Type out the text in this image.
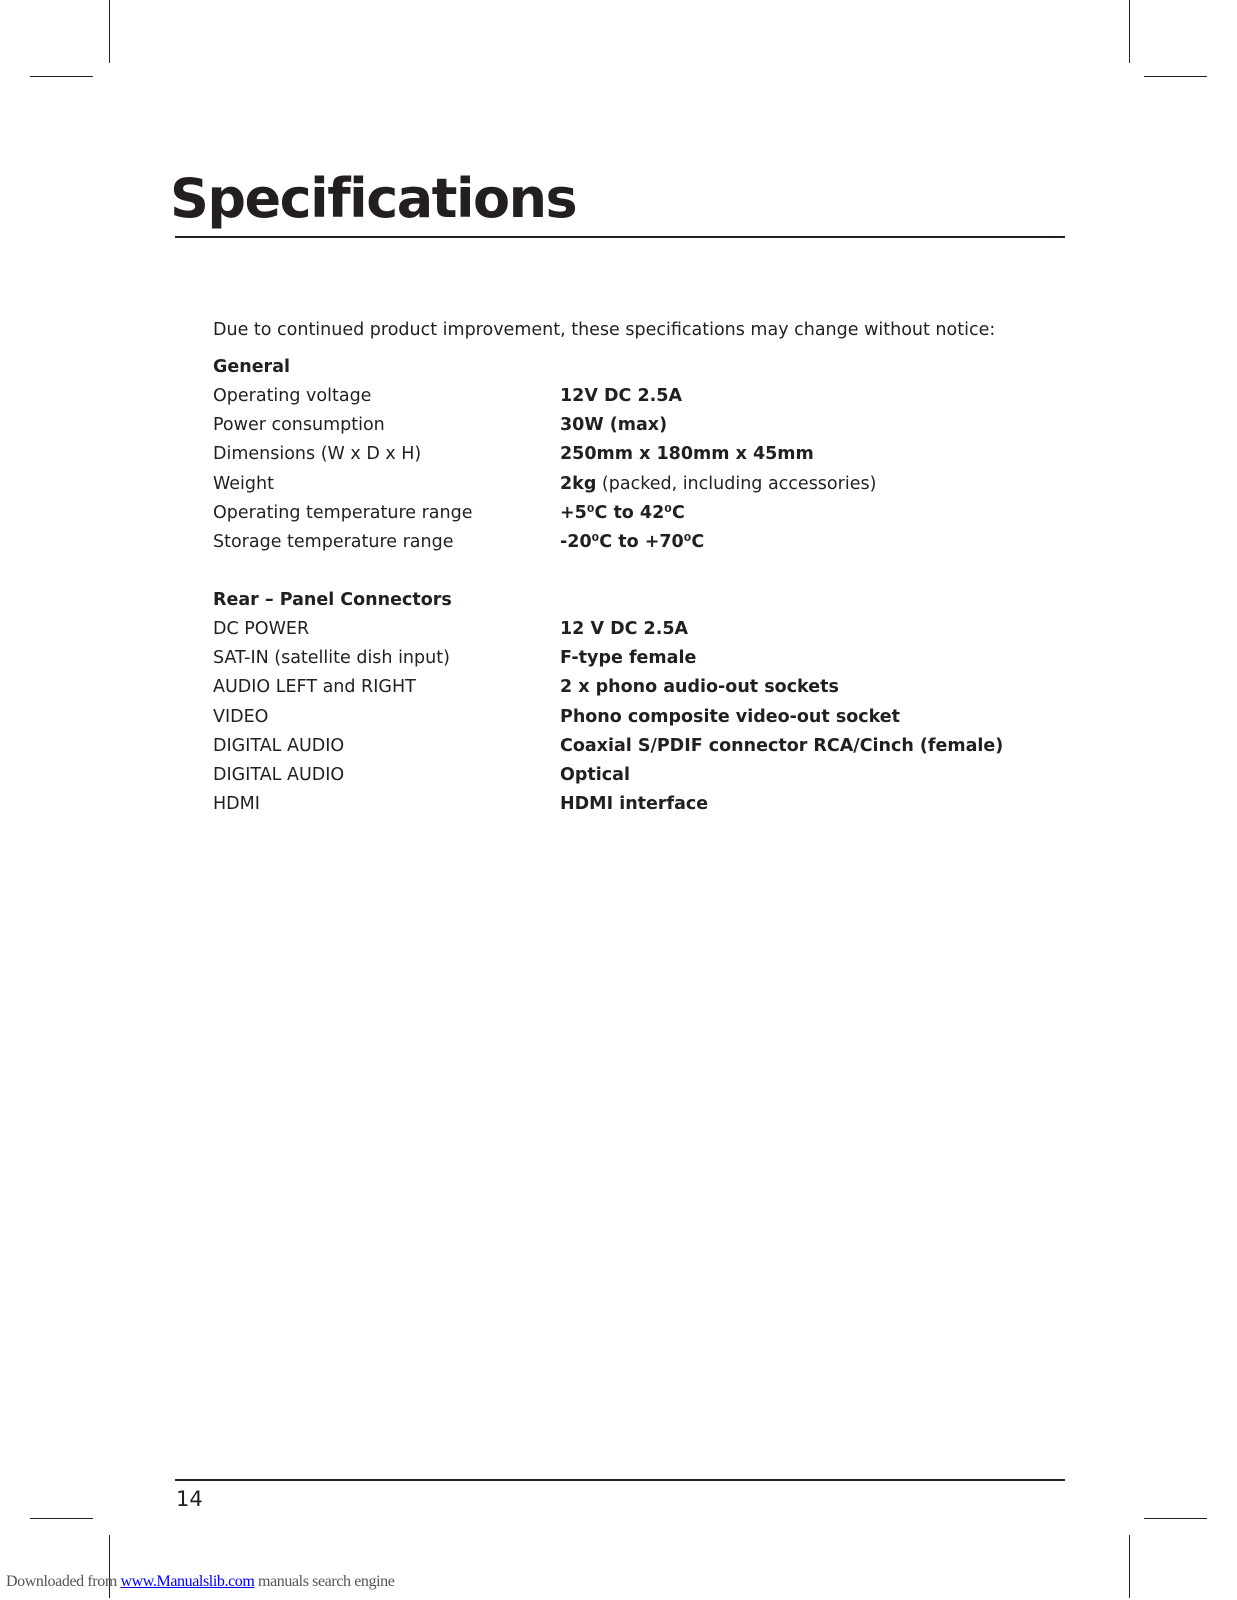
Specifications
Due to continued product improvement, these specifications may change without notice:
General
Operating voltage	12V DC 2.5A
Power consumption	30W (max)
Dimensions (W x D x H)	250mm x 180mm x 45mm
Weight	2kg (packed, including accessories)
Operating temperature range	+5⁰C to 42⁰C
Storage temperature range	-20⁰C to +70⁰C
Rear – Panel Connectors
DC POWER	12 V DC 2.5A
SAT-IN (satellite dish input)	F-type female
AUDIO LEFT and RIGHT	2 x phono audio-out sockets
VIDEO	Phono composite video-out socket
DIGITAL AUDIO	Coaxial S/PDIF connector RCA/Cinch (female)
DIGITAL AUDIO	Optical
HDMI	HDMI interface
14
Downloaded from www.Manualslib.com manuals search engine
